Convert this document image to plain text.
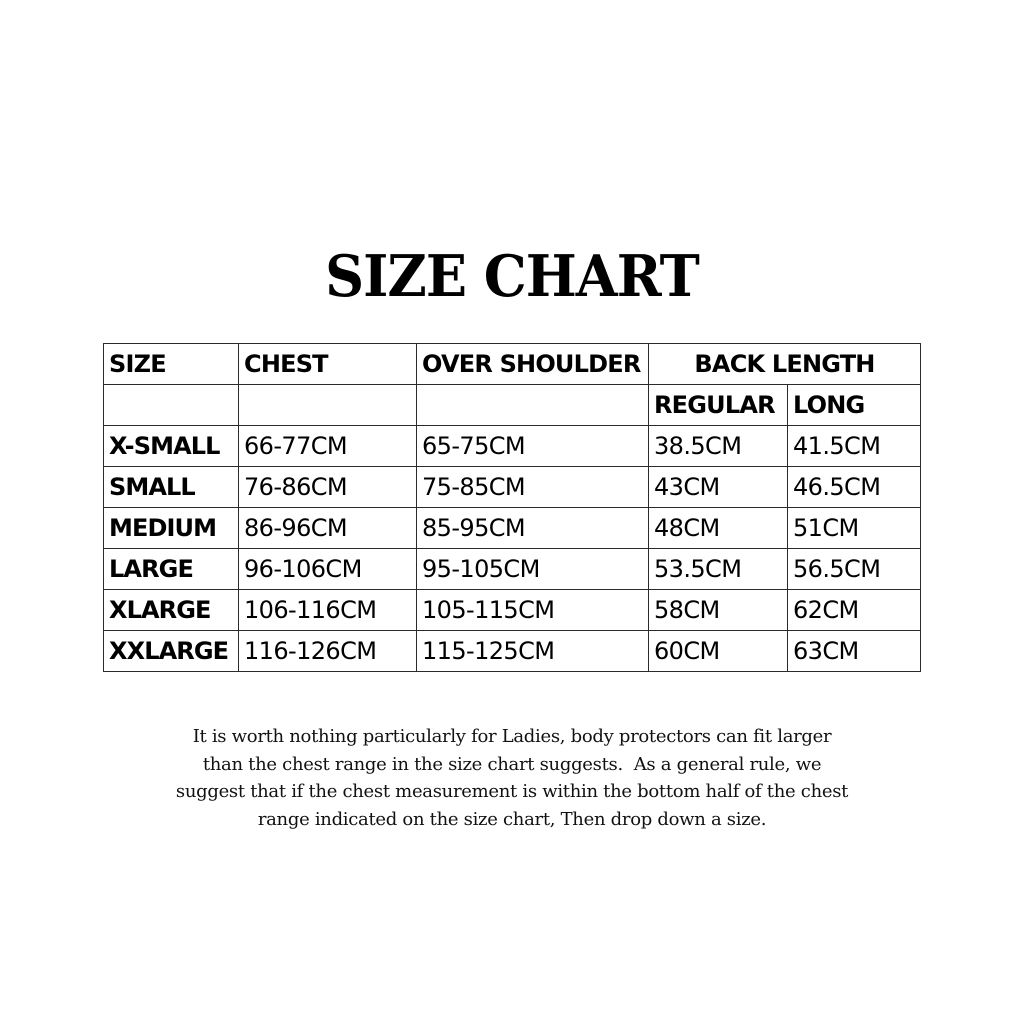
SIZE CHART
SIZE	CHEST	OVER SHOULDER	BACK LENGTH	
			REGULAR	LONG
X-SMALL	66-77CM	65-75CM	38.5CM	41.5CM
SMALL	76-86CM	75-85CM	43CM	46.5CM
MEDIUM	86-96CM	85-95CM	48CM	51CM
LARGE	96-106CM	95-105CM	53.5CM	56.5CM
XLARGE	106-116CM	105-115CM	58CM	62CM
XXLARGE	116-126CM	115-125CM	60CM	63CM
It is worth nothing particularly for Ladies, body protectors can fit larger
than the chest range in the size chart suggests.  As a general rule, we
suggest that if the chest measurement is within the bottom half of the chest
range indicated on the size chart, Then drop down a size.
